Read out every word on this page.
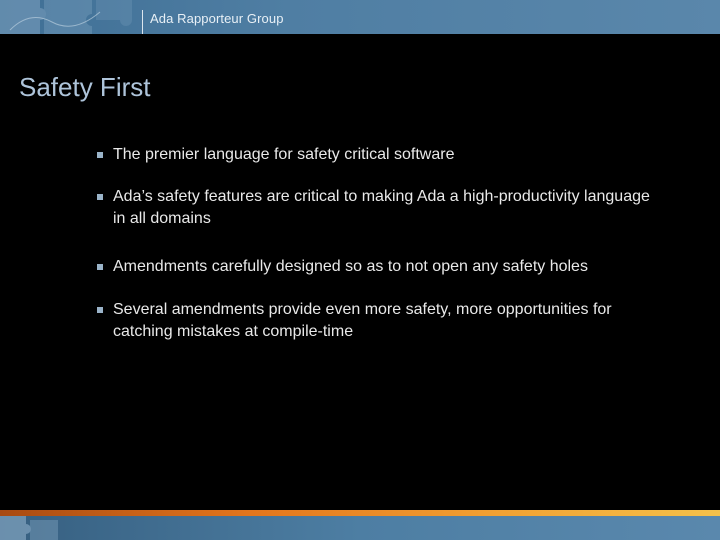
Ada Rapporteur Group
Safety First
The premier language for safety critical software
Ada’s safety features are critical to making Ada a high-productivity language in all domains
Amendments carefully designed so as to not open any safety holes
Several amendments provide even more safety, more opportunities for catching mistakes at compile-time
